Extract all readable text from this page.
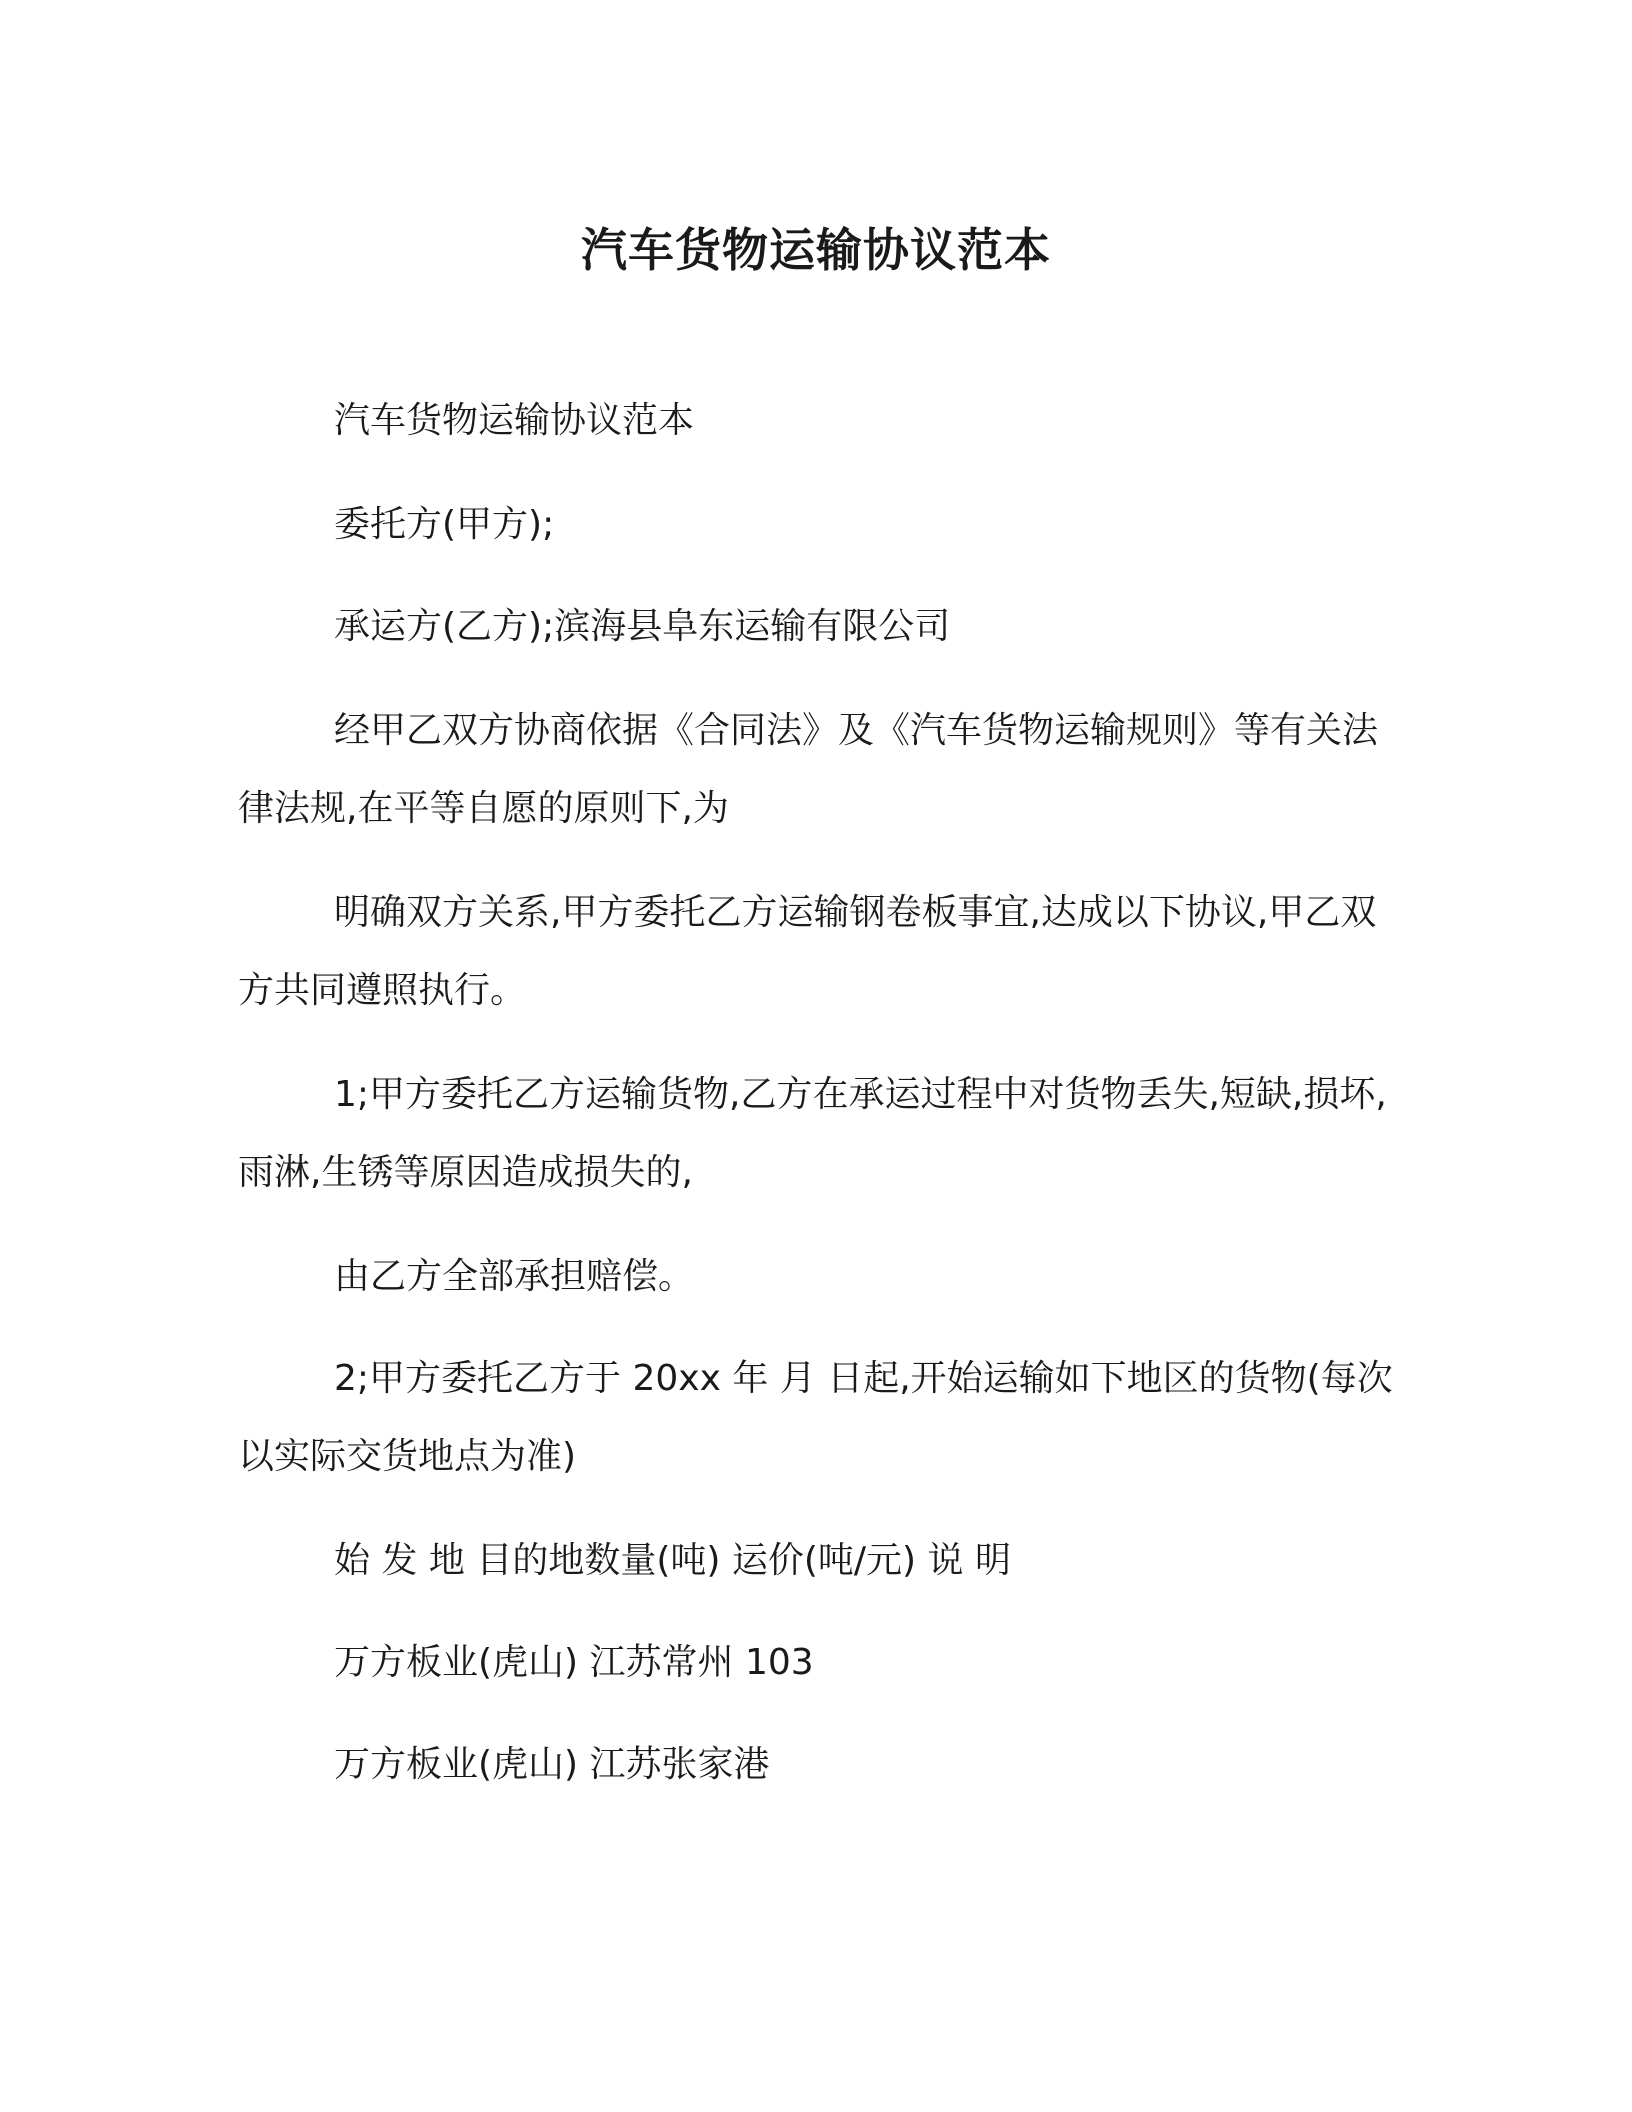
汽车货物运输协议范本

汽车货物运输协议范本

委托方(甲方);

承运方(乙方);滨海县阜东运输有限公司

经甲乙双方协商依据《合同法》及《汽车货物运输规则》等有关法律法规,在平等自愿的原则下,为

明确双方关系,甲方委托乙方运输钢卷板事宜,达成以下协议,甲乙双方共同遵照执行。

1;甲方委托乙方运输货物,乙方在承运过程中对货物丢失,短缺,损坏,雨淋,生锈等原因造成损失的,

由乙方全部承担赔偿。

2;甲方委托乙方于 20xx 年 月 日起,开始运输如下地区的货物(每次以实际交货地点为准)

始 发 地 目的地数量(吨) 运价(吨/元) 说 明

万方板业(虎山) 江苏常州 103

万方板业(虎山) 江苏张家港
